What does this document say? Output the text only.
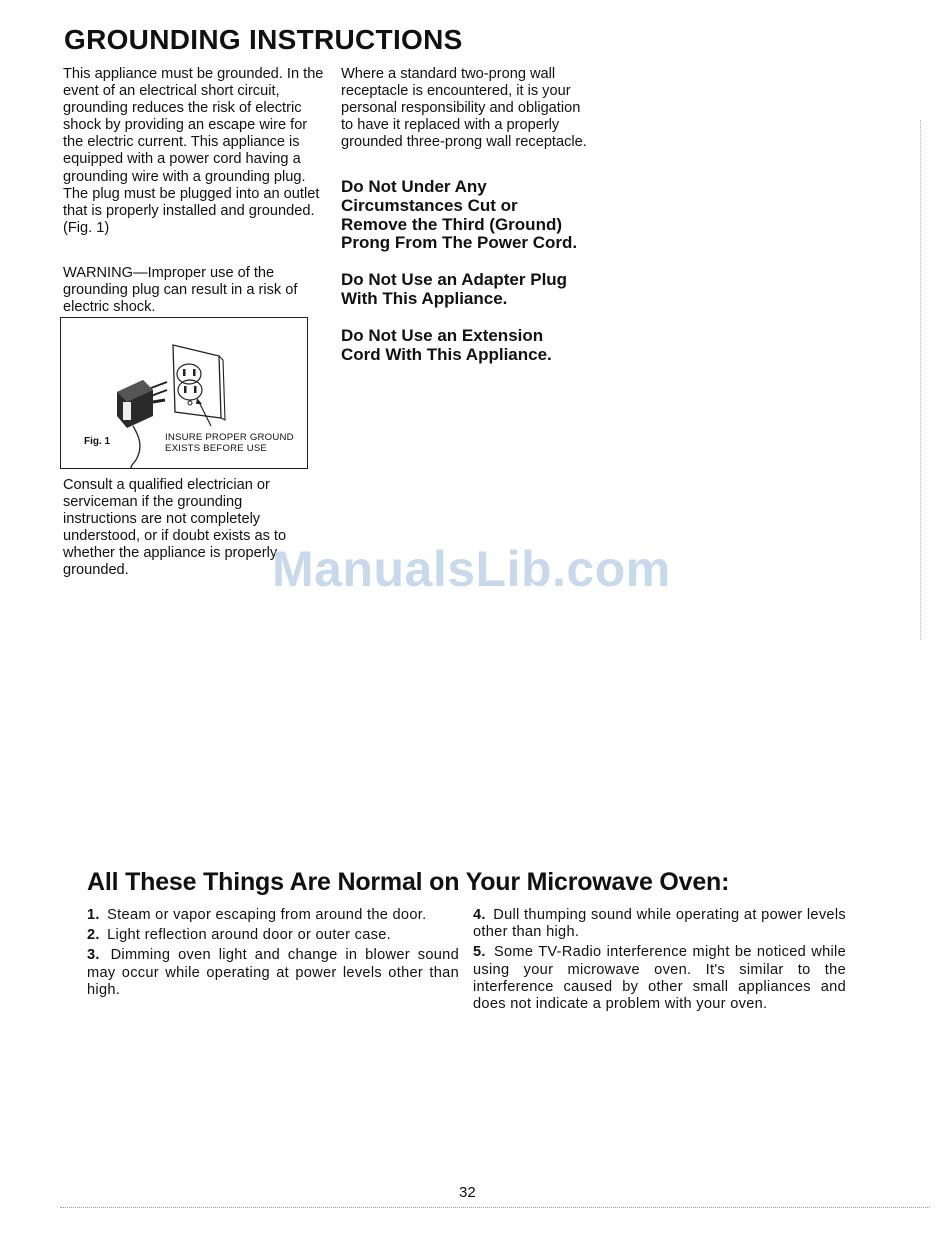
GROUNDING INSTRUCTIONS

This appliance must be grounded. In the event of an electrical short circuit, grounding reduces the risk of electric shock by providing an escape wire for the electric current. This appliance is equipped with a power cord having a grounding wire with a grounding plug. The plug must be plugged into an outlet that is properly installed and grounded. (Fig. 1)

WARNING—Improper use of the grounding plug can result in a risk of electric shock.

Fig. 1	INSURE PROPER GROUND
EXISTS BEFORE USE

Consult a qualified electrician or serviceman if the grounding instructions are not completely understood, or if doubt exists as to whether the appliance is properly grounded.

Where a standard two-prong wall receptacle is encountered, it is your personal responsibility and obligation to have it replaced with a properly grounded three-prong wall receptacle.

Do Not Under Any Circumstances Cut or Remove the Third (Ground) Prong From The Power Cord.

Do Not Use an Adapter Plug With This Appliance.

Do Not Use an Extension Cord With This Appliance.

ManualsLib.com
All These Things Are Normal on Your Microwave Oven:
1. Steam or vapor escaping from around the door.
2. Light reflection around door or outer case.
3. Dimming oven light and change in blower sound may occur while operating at power levels other than high.
4. Dull thumping sound while operating at power levels other than high.
5. Some TV-Radio interference might be noticed while using your microwave oven. It's similar to the interference caused by other small appliances and does not indicate a problem with your oven.
32
